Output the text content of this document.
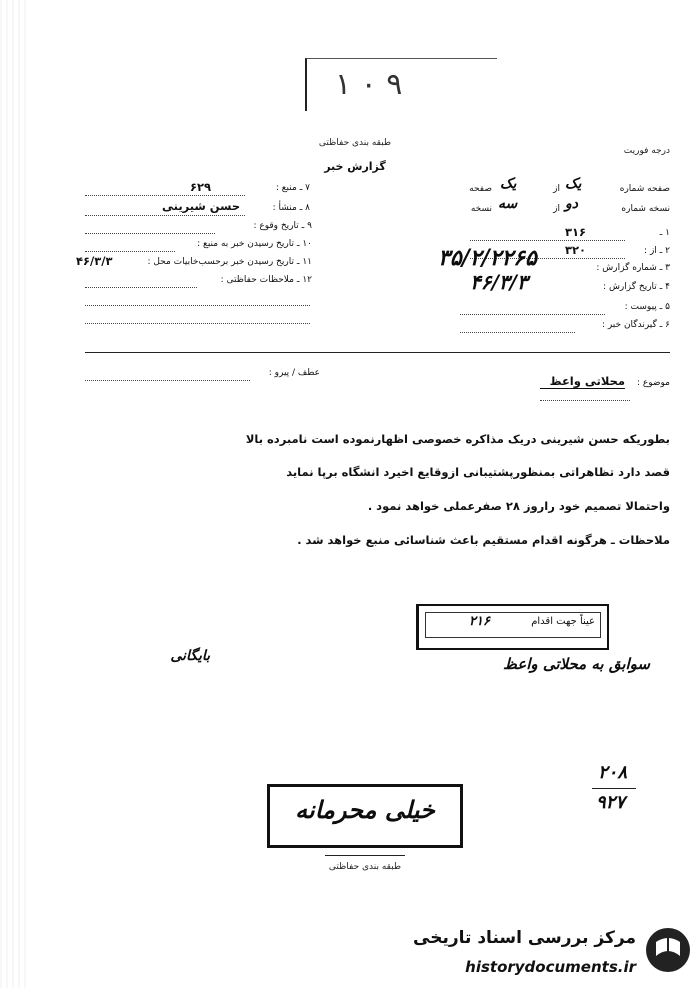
۱ ۰ ۹
درجه فوریت
طبقه بندی حفاظتی
گزارش خبر
۷ ـ منبع :
۶۲۹
۸ ـ منشأ :
حسن شیرینی
۹ ـ تاریخ وقوع :
۱۰ ـ تاریخ رسیدن خبر به منبع :
۱۱ ـ تاریخ رسیدن خبر برحسب‌خابیات محل :
۴۶/۳/۳
۱۲ ـ ملاحظات حفاظتی :
صفحه شماره
یک
از
یک
صفحه
نسخه شماره
دو
از
سه
نسخه
۱ ـ
۳۱۶
۲ ـ از :
۳۲۰
۳ ـ شماره گزارش :
۳۵/۲/۲۲۶۵
۴ ـ تاریخ گزارش :
۴۶/۳/۳
۵ ـ پیوست :
۶ ـ گیرندگان خبر :
عطف / پیرو :
موضوع :
محلاتی واعظ
بطوریکه حسن شیرینی دریک مذاکره خصوصی اظهارنموده است نامبرده بالا
قصد دارد تظاهراتی بمنظورپشتیبانی ازوقایع اخیرد انشگاه برپا نماید
واحتمالا تصمیم خود راروز ۲۸ صفرعملی خواهد نمود .
ملاحظات ـ هرگونه اقدام مستقیم باعث شناسائی منبع خواهد شد .
عیناً جهت اقدام
۲۱۶
سوابق به محلاتی واعظ
بایگانی
۲۰۸
۹۲۷
خیلی محرمانه
طبقه بندی حفاظتی
مرکز بررسی اسناد تاریخی
historydocuments.ir
